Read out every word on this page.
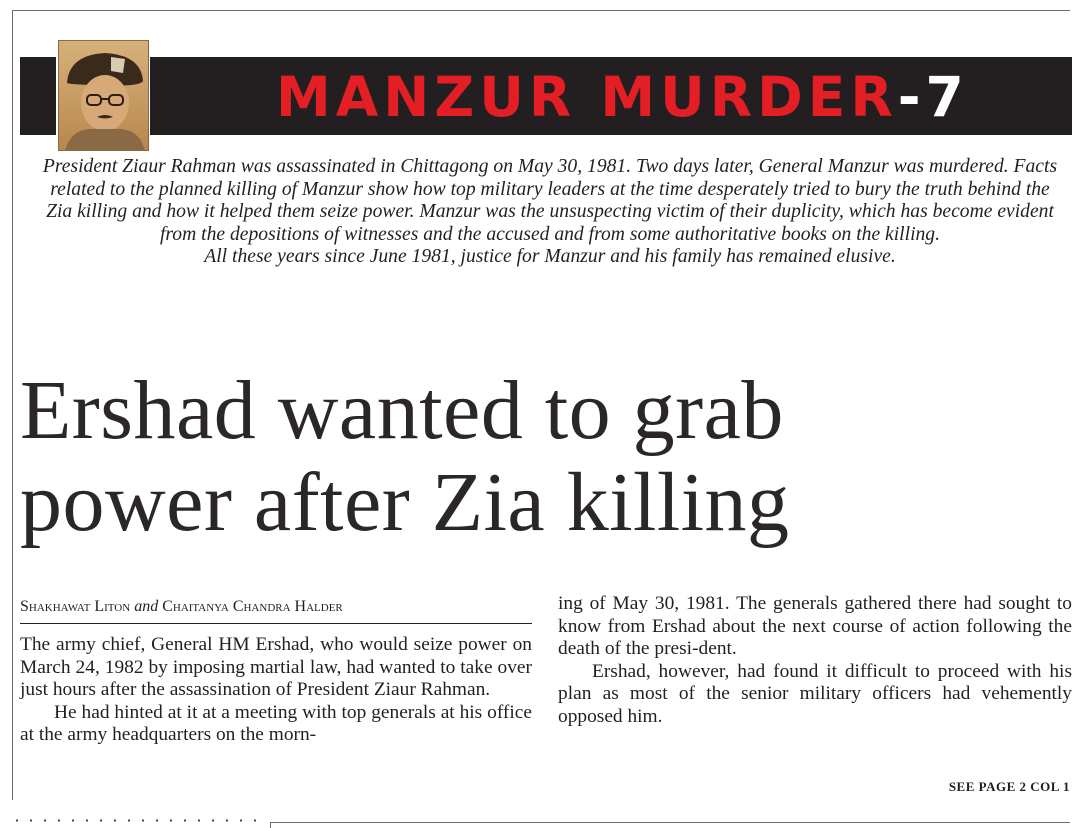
MANZUR MURDER-7

President Ziaur Rahman was assassinated in Chittagong on May 30, 1981. Two days later, General Manzur was murdered. Facts related to the planned killing of Manzur show how top military leaders at the time desperately tried to bury the truth behind the Zia killing and how it helped them seize power. Manzur was the unsuspecting victim of their duplicity, which has become evident from the depositions of witnesses and the accused and from some authoritative books on the killing.

All these years since June 1981, justice for Manzur and his family has remained elusive.

Ershad wanted to grab
power after Zia killing
Shakhawat Liton and Chaitanya Chandra Halder

The army chief, General HM Ershad, who would seize power on March 24, 1982 by imposing martial law, had wanted to take over just hours after the assassination of President Ziaur Rahman.

He had hinted at it at a meeting with top generals at his office at the army headquarters on the morn-

ing of May 30, 1981. The generals gathered there had sought to know from Ershad about the next course of action following the death of the presi-dent.

Ershad, however, had found it difficult to proceed with his plan as most of the senior military officers had vehemently opposed him.

SEE PAGE 2 COL 1
